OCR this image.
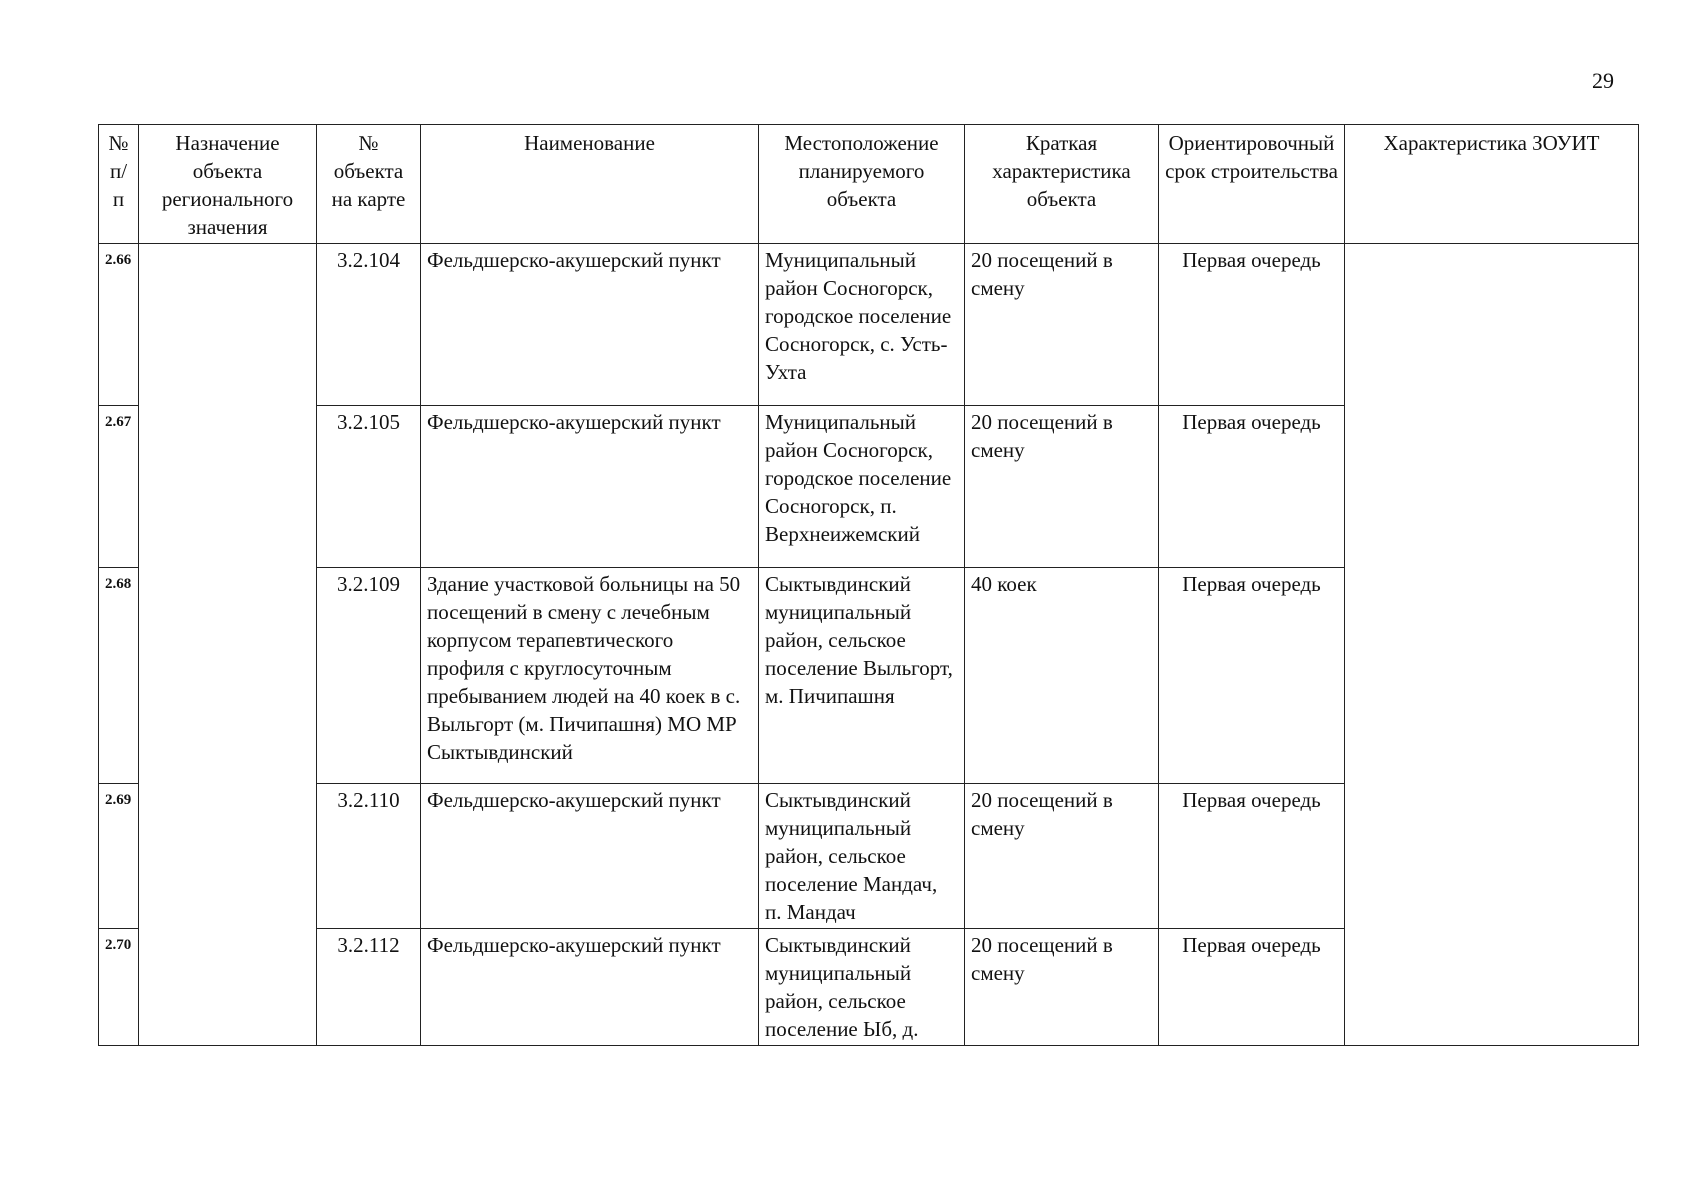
29
№ п/п	Назначение объекта регионального значения	№ объекта на карте	Наименование	Местоположение планируемого объекта	Краткая характеристика объекта	Ориентировочный срок строительства	Характеристика ЗОУИТ
2.66		3.2.104	Фельдшерско-акушерский пункт	Муниципальный район Сосногорск, городское поселение Сосногорск, с. Усть-Ухта	20 посещений в смену	Первая очередь	
2.67		3.2.105	Фельдшерско-акушерский пункт	Муниципальный район Сосногорск, городское поселение Сосногорск, п. Верхнеижемский	20 посещений в смену	Первая очередь	
2.68		3.2.109	Здание участковой больницы на 50 посещений в смену с лечебным корпусом терапевтического профиля с круглосуточным пребыванием людей на 40 коек в с. Выльгорт (м. Пичипашня) МО МР Сыктывдинский	Сыктывдинский муниципальный район, сельское поселение Выльгорт, м. Пичипашня	40 коек	Первая очередь	
2.69		3.2.110	Фельдшерско-акушерский пункт	Сыктывдинский муниципальный район, сельское поселение Мандач, п. Мандач	20 посещений в смену	Первая очередь	
2.70		3.2.112	Фельдшерско-акушерский пункт	Сыктывдинский муниципальный район, сельское поселение Ыб, д.	20 посещений в смену	Первая очередь	
